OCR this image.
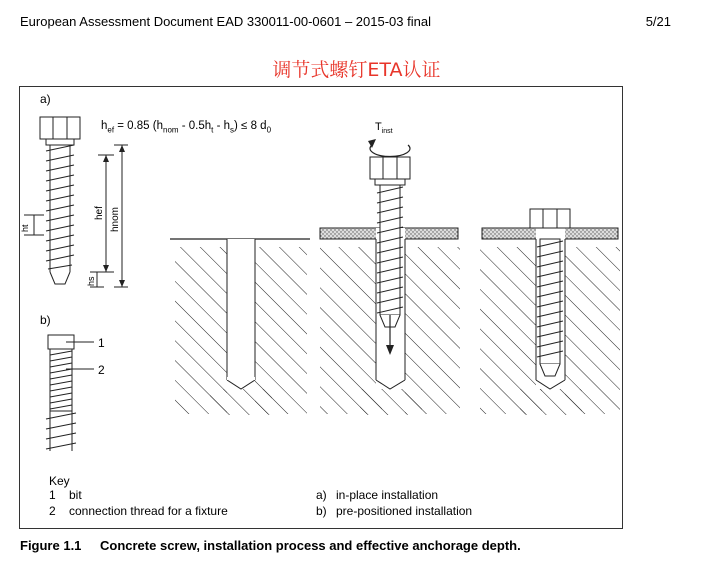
European Assessment Document EAD 330011-00-0601 – 2015-03 final	5/21
调节式螺钉ETA认证
ht
hef hnom
hs
a)
b)
$h_{ef} = 0.85$ $(h_{nom} - 0.5h_t - h_s) \le 8$ $d_0$	$T_{inst}$
1
2
Key
1 bit
2 connection thread for a fixture
a) in-place installation
b) pre-positioned installation
Figure 1.1 Concrete screw, installation process and effective anchorage depth.
